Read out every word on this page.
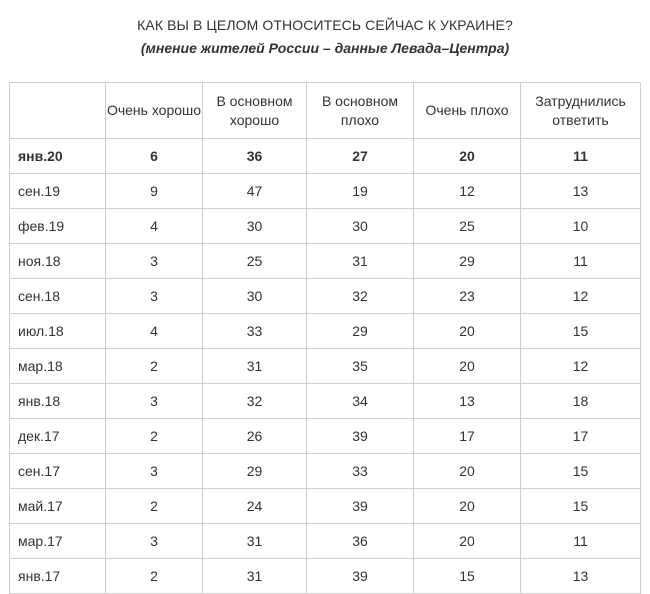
КАК ВЫ В ЦЕЛОМ ОТНОСИТЕСЬ СЕЙЧАС К УКРАИНЕ?
(мнение жителей России – данные Левада–Центра)
	Очень хорошо	В основном хорошо	В основном плохо	Очень плохо	Затруднились ответить
янв.20	6	36	27	20	11
сен.19	9	47	19	12	13
фев.19	4	30	30	25	10
ноя.18	3	25	31	29	11
сен.18	3	30	32	23	12
июл.18	4	33	29	20	15
мар.18	2	31	35	20	12
янв.18	3	32	34	13	18
дек.17	2	26	39	17	17
сен.17	3	29	33	20	15
май.17	2	24	39	20	15
мар.17	3	31	36	20	11
янв.17	2	31	39	15	13
